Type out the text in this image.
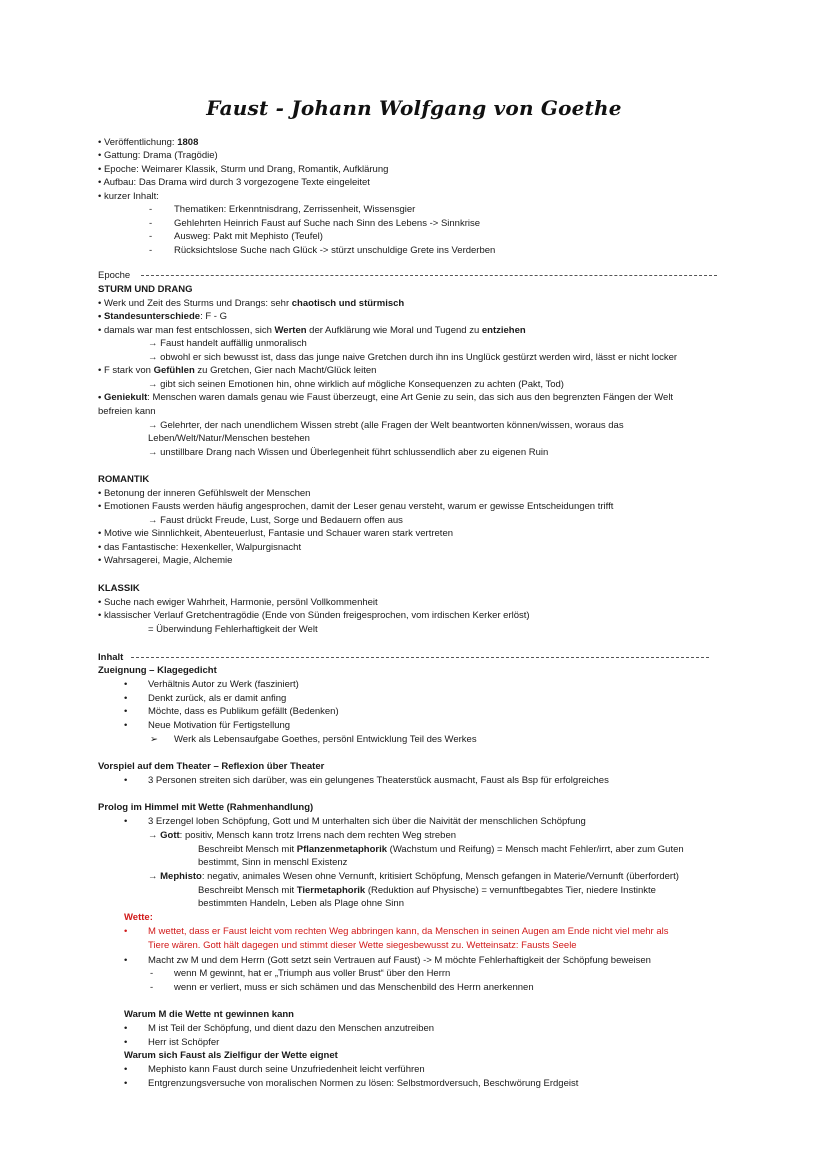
Faust - Johann Wolfgang von Goethe
• Veröffentlichung: 1808
• Gattung: Drama (Tragödie)
• Epoche: Weimarer Klassik, Sturm und Drang, Romantik, Aufklärung
• Aufbau: Das Drama wird durch 3 vorgezogene Texte eingeleitet
• kurzer Inhalt:
- Thematiken: Erkenntnisdrang, Zerrissenheit, Wissensgier
- Gehlehrten Heinrich Faust auf Suche nach Sinn des Lebens -> Sinnkrise
- Ausweg: Pakt mit Mephisto (Teufel)
- Rücksichtslose Suche nach Glück -> stürzt unschuldige Grete ins Verderben
Epoche
STURM UND DRANG
• Werk und Zeit des Sturms und Drangs: sehr chaotisch und stürmisch
• Standesunterschiede: F - G
• damals war man fest entschlossen, sich Werten der Aufklärung wie Moral und Tugend zu entziehen
→ Faust handelt auffällig unmoralisch
→ obwohl er sich bewusst ist, dass das junge naive Gretchen durch ihn ins Unglück gestürzt werden wird, lässt er nicht locker
• F stark von Gefühlen zu Gretchen, Gier nach Macht/Glück leiten
→ gibt sich seinen Emotionen hin, ohne wirklich auf mögliche Konsequenzen zu achten (Pakt, Tod)
• Geniekult: Menschen waren damals genau wie Faust überzeugt, eine Art Genie zu sein, das sich aus den begrenzten Fängen der Welt
befreien kann
→ Gelehrter, der nach unendlichem Wissen strebt (alle Fragen der Welt beantworten können/wissen, woraus das
Leben/Welt/Natur/Menschen bestehen
→ unstillbare Drang nach Wissen und Überlegenheit führt schlussendlich aber zu eigenen Ruin
ROMANTIK
• Betonung der inneren Gefühlswelt der Menschen
• Emotionen Fausts werden häufig angesprochen, damit der Leser genau versteht, warum er gewisse Entscheidungen trifft
→ Faust drückt Freude, Lust, Sorge und Bedauern offen aus
• Motive wie Sinnlichkeit, Abenteuerlust, Fantasie und Schauer waren stark vertreten
• das Fantastische: Hexenkeller, Walpurgisnacht
• Wahrsagerei, Magie, Alchemie
KLASSIK
• Suche nach ewiger Wahrheit, Harmonie, persönl Vollkommenheit
• klassischer Verlauf Gretchentragödie (Ende von Sünden freigesprochen, vom irdischen Kerker erlöst)
= Überwindung Fehlerhaftigkeit der Welt
Inhalt
Zueignung – Klagegedicht
• Verhältnis Autor zu Werk (fasziniert)
• Denkt zurück, als er damit anfing
• Möchte, dass es Publikum gefällt (Bedenken)
• Neue Motivation für Fertigstellung
➢ Werk als Lebensaufgabe Goethes, persönl Entwicklung Teil des Werkes
Vorspiel auf dem Theater – Reflexion über Theater
• 3 Personen streiten sich darüber, was ein gelungenes Theaterstück ausmacht, Faust als Bsp für erfolgreiches
Prolog im Himmel mit Wette (Rahmenhandlung)
• 3 Erzengel loben Schöpfung, Gott und M unterhalten sich über die Naivität der menschlichen Schöpfung
→ Gott: positiv, Mensch kann trotz Irrens nach dem rechten Weg streben
Beschreibt Mensch mit Pflanzenmetaphorik (Wachstum und Reifung) = Mensch macht Fehler/irrt, aber zum Guten
bestimmt, Sinn in menschl Existenz
→ Mephisto: negativ, animales Wesen ohne Vernunft, kritisiert Schöpfung, Mensch gefangen in Materie/Vernunft (überfordert)
Beschreibt Mensch mit Tiermetaphorik (Reduktion auf Physische) = vernunftbegabtes Tier, niedere Instinkte
bestimmten Handeln, Leben als Plage ohne Sinn
Wette:
• M wettet, dass er Faust leicht vom rechten Weg abbringen kann, da Menschen in seinen Augen am Ende nicht viel mehr als
Tiere wären. Gott hält dagegen und stimmt dieser Wette siegesbewusst zu. Wetteinsatz: Fausts Seele
• Macht zw M und dem Herrn (Gott setzt sein Vertrauen auf Faust) -> M möchte Fehlerhaftigkeit der Schöpfung beweisen
- wenn M gewinnt, hat er „Triumph aus voller Brust“ über den Herrn
- wenn er verliert, muss er sich schämen und das Menschenbild des Herrn anerkennen
Warum M die Wette nt gewinnen kann
• M ist Teil der Schöpfung, und dient dazu den Menschen anzutreiben
• Herr ist Schöpfer
Warum sich Faust als Zielfigur der Wette eignet
• Mephisto kann Faust durch seine Unzufriedenheit leicht verführen
• Entgrenzungsversuche von moralischen Normen zu lösen: Selbstmordversuch, Beschwörung Erdgeist
